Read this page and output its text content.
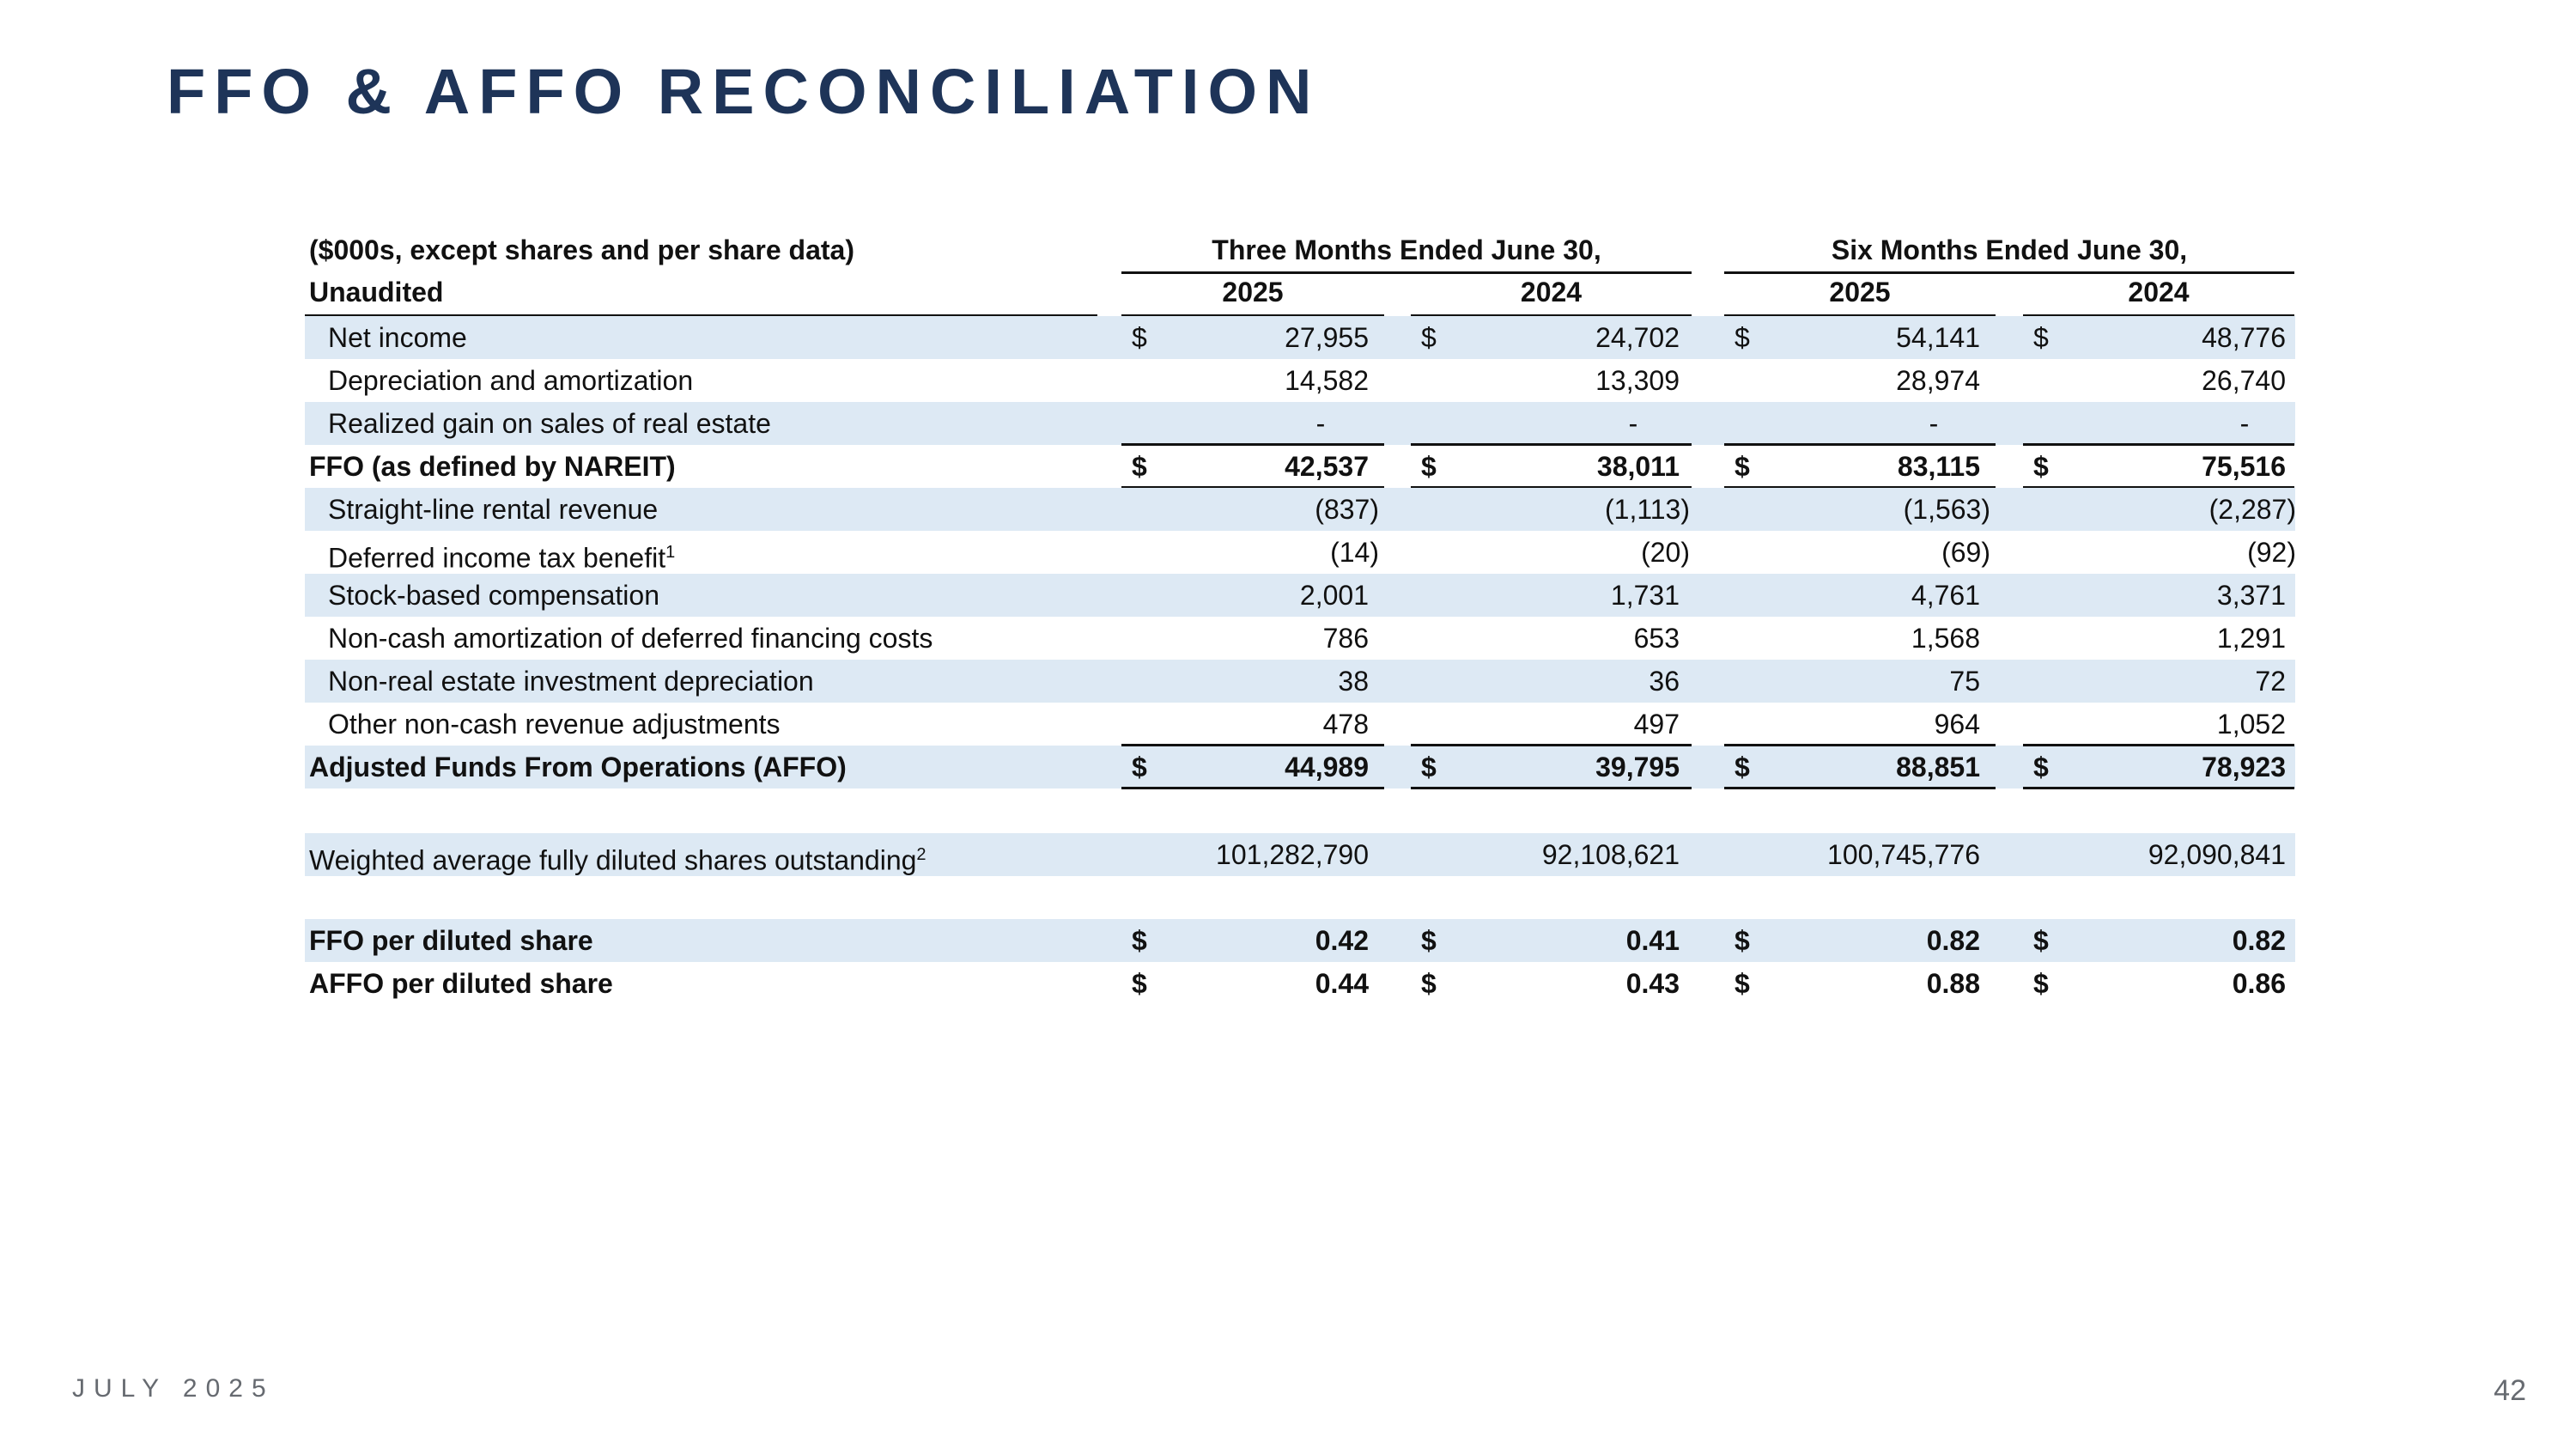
FFO & AFFO RECONCILIATION
($000s, except shares and per share data)
Unaudited
Three Months Ended June 30,	Six Months Ended June 30,
2025	2024	2025	2024
Net income	$	27,955 $	24,702 $	54,141 $	48,776
Depreciation and amortization	14,582	13,309	28,974	26,740
Realized gain on sales of real estate	-	-	-	-
FFO (as defined by NAREIT)	$	42,537 $	38,011 $	83,115 $	75,516
Straight-line rental revenue	(837)	(1,113)	(1,563)	(2,287)
Deferred income tax benefit$^1$	(14)	(20)	(69)	(92)
Stock-based compensation	2,001	1,731	4,761	3,371
Non-cash amortization of deferred financing costs	786	653	1,568	1,291
Non-real estate investment depreciation	38	36	75	72
Other non-cash revenue adjustments	478	497	964	1,052
Adjusted Funds From Operations (AFFO)	$	44,989 $	39,795 $	88,851 $	78,923
Weighted average fully diluted shares outstanding$^2$	101,282,790	92,108,621	100,745,776	92,090,841
FFO per diluted share	$	0.42 $	0.41 $	0.82 $	0.82
AFFO per diluted share	$	0.44 $	0.43 $	0.88 $	0.86
JULY 2025	42
